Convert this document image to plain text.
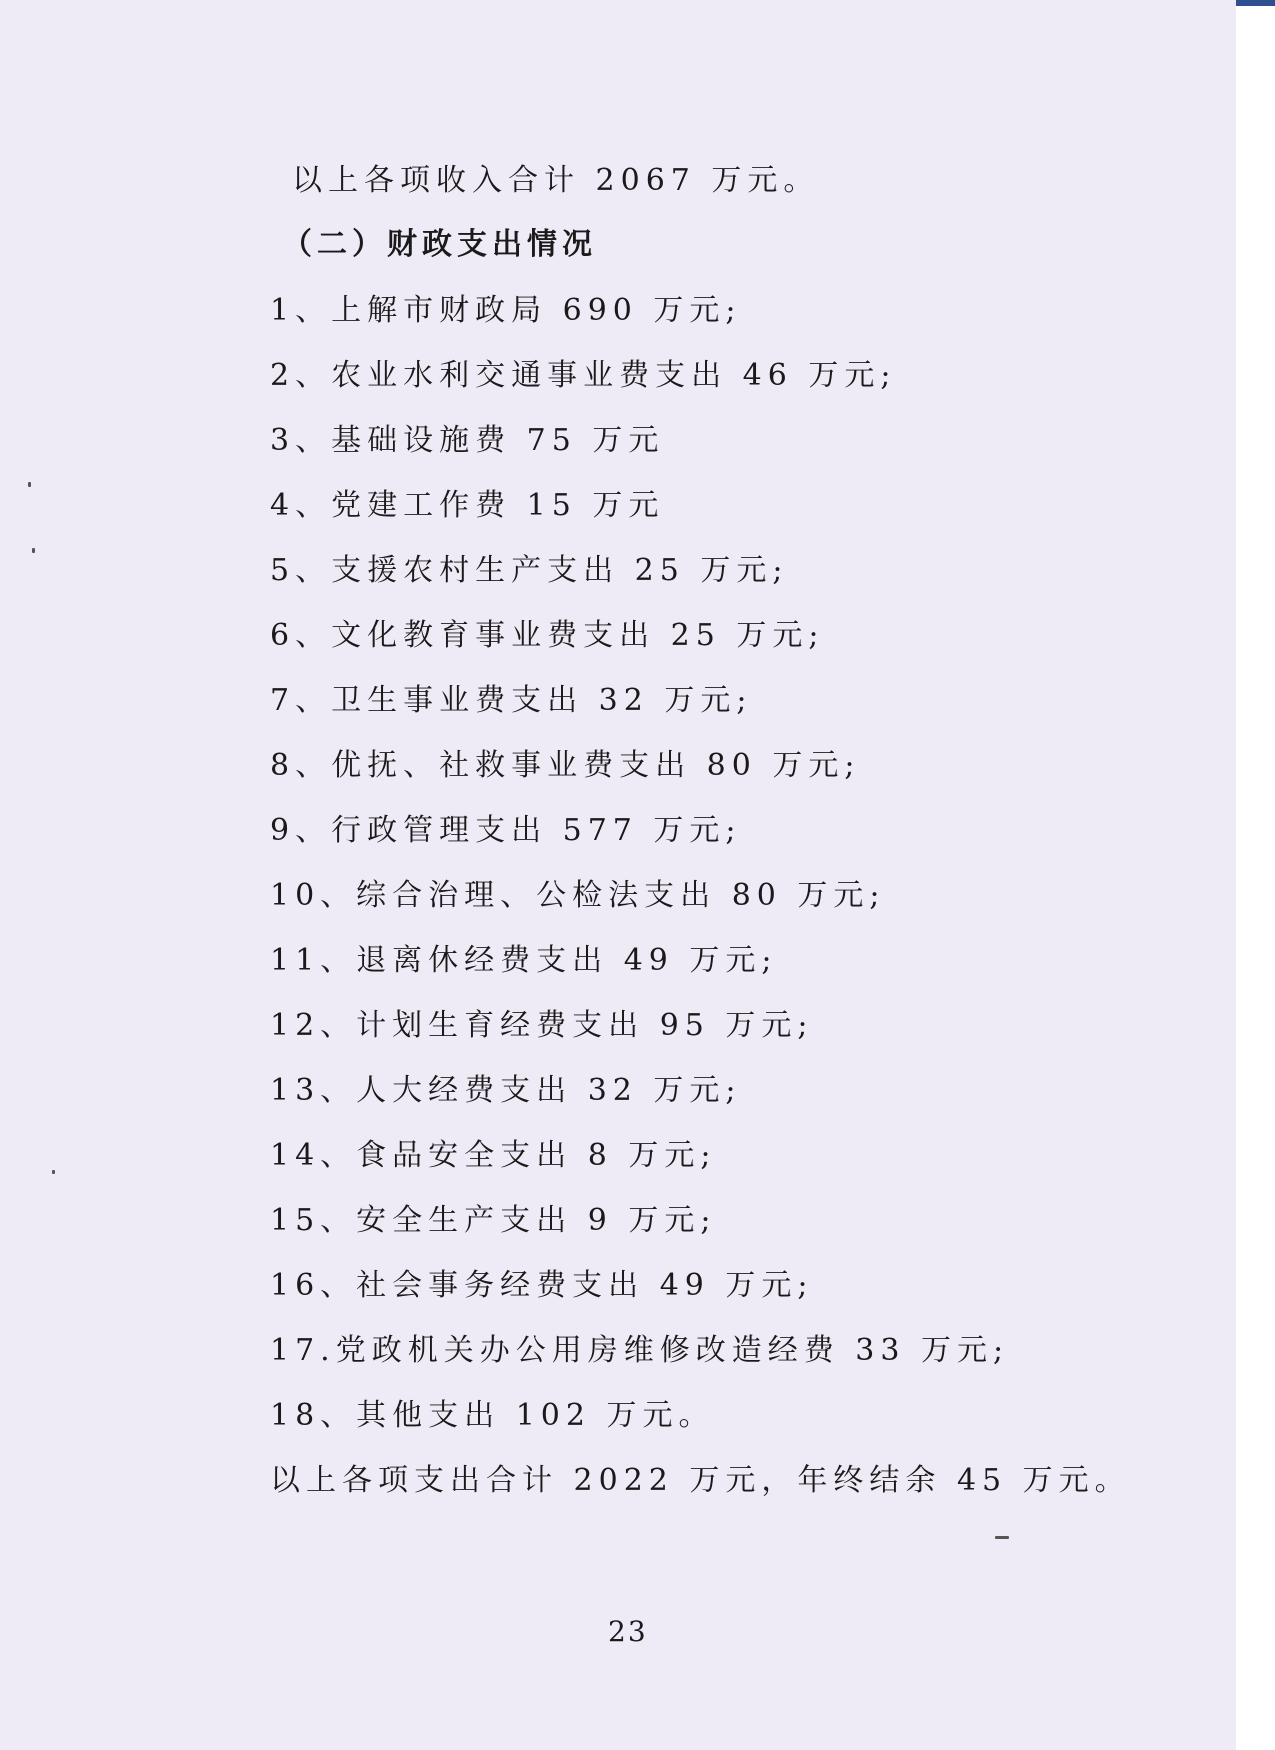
以上各项收入合计 2067 万元。
（二）财政支出情况
1、上解市财政局 690 万元;
2、农业水利交通事业费支出 46 万元;
3、基础设施费 75 万元
4、党建工作费 15 万元
5、支援农村生产支出 25 万元;
6、文化教育事业费支出 25 万元;
7、卫生事业费支出 32 万元;
8、优抚、社救事业费支出 80 万元;
9、行政管理支出 577 万元;
10、综合治理、公检法支出 80 万元;
11、退离休经费支出 49 万元;
12、计划生育经费支出 95 万元;
13、人大经费支出 32 万元;
14、食品安全支出 8 万元;
15、安全生产支出 9 万元;
16、社会事务经费支出 49 万元;
17.党政机关办公用房维修改造经费 33 万元;
18、其他支出 102 万元。
以上各项支出合计 2022 万元，年终结余 45 万元。
23
